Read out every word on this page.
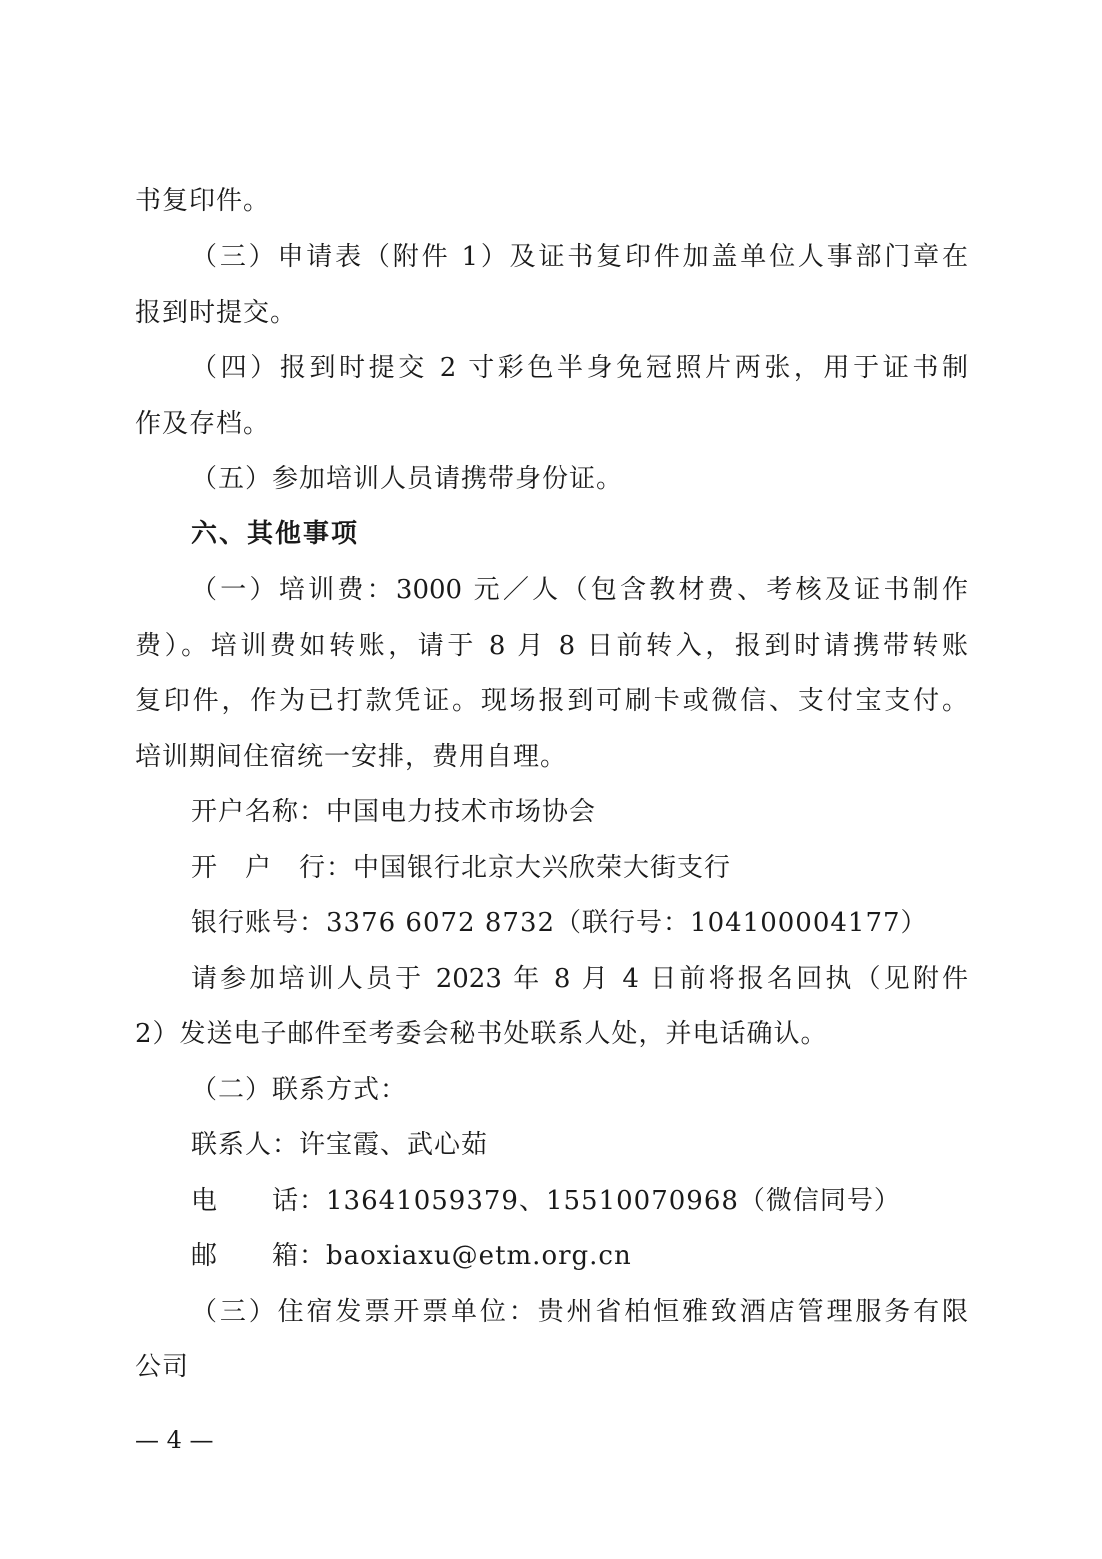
书复印件。
（三）申请表（附件 1）及证书复印件加盖单位人事部门章在
报到时提交。
（四）报到时提交 2 寸彩色半身免冠照片两张，用于证书制
作及存档。
（五）参加培训人员请携带身份证。
六、其他事项
（一）培训费：3000 元／人（包含教材费、考核及证书制作
费）。培训费如转账，请于 8 月 8 日前转入，报到时请携带转账
复印件，作为已打款凭证。现场报到可刷卡或微信、支付宝支付。
培训期间住宿统一安排，费用自理。
开户名称：中国电力技术市场协会
开　户　行：中国银行北京大兴欣荣大街支行
银行账号：3376 6072 8732（联行号：104100004177）
请参加培训人员于 2023 年 8 月 4 日前将报名回执（见附件
2）发送电子邮件至考委会秘书处联系人处，并电话确认。
（二）联系方式：
联系人：许宝霞、武心茹
电　　话：13641059379、15510070968（微信同号）
邮　　箱：baoxiaxu@etm.org.cn
（三）住宿发票开票单位：贵州省柏恒雅致酒店管理服务有限
公司
— 4 —
